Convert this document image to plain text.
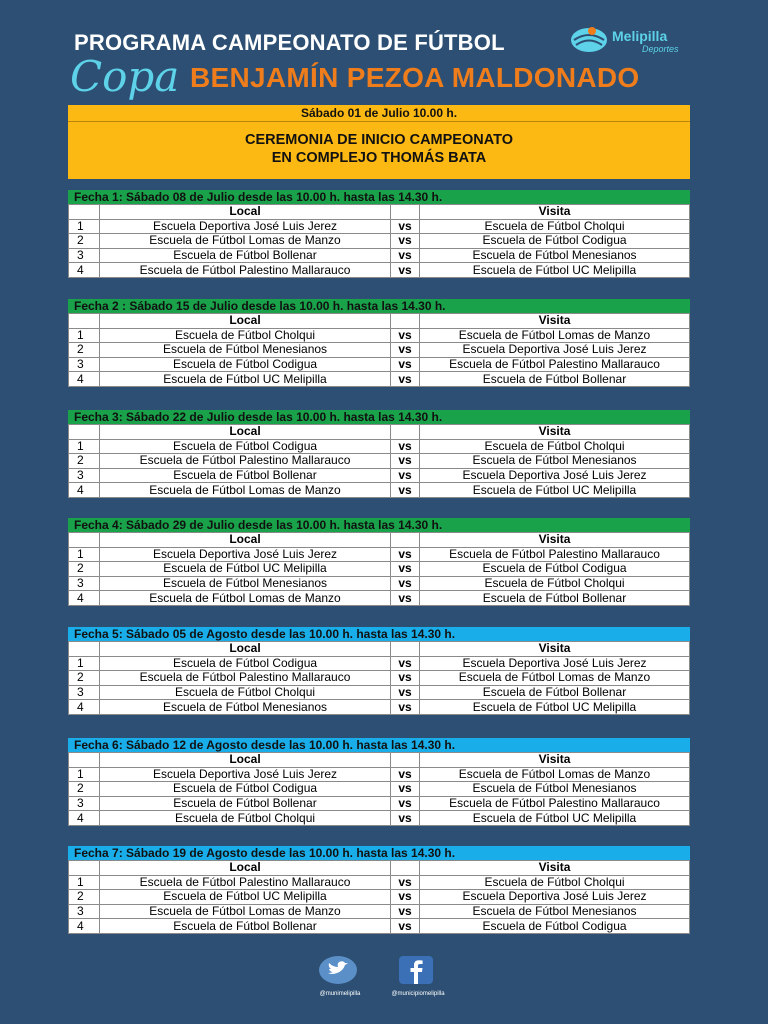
PROGRAMA CAMPEONATO DE FÚTBOL
Copa BENJAMÍN PEZOA MALDONADO
Melipilla
Deportes
Sábado 01 de Julio 10.00 h.
CEREMONIA DE INICIO CAMPEONATO
EN COMPLEJO THOMÁS BATA
Fecha 1: Sábado 08 de Julio desde las 10.00 h. hasta las 14.30 h.
	Local		Visita
1	Escuela Deportiva José Luis Jerez	vs	Escuela de Fútbol Cholqui
2	Escuela de Fútbol Lomas de Manzo	vs	Escuela de Fútbol Codigua
3	Escuela de Fútbol Bollenar	vs	Escuela de Fútbol Menesianos
4	Escuela de Fútbol Palestino Mallarauco	vs	Escuela de Fútbol UC Melipilla
Fecha 2 : Sábado 15 de Julio desde las 10.00 h. hasta las 14.30 h.
	Local		Visita
1	Escuela de Fútbol Cholqui	vs	Escuela de Fútbol Lomas de Manzo
2	Escuela de Fútbol Menesianos	vs	Escuela Deportiva José Luis Jerez
3	Escuela de Fútbol Codigua	vs	Escuela de Fútbol Palestino Mallarauco
4	Escuela de Fútbol UC Melipilla	vs	Escuela de Fútbol Bollenar
Fecha 3: Sábado 22 de Julio desde las 10.00 h. hasta las 14.30 h.
	Local		Visita
1	Escuela de Fútbol Codigua	vs	Escuela de Fútbol Cholqui
2	Escuela de Fútbol Palestino Mallarauco	vs	Escuela de Fútbol Menesianos
3	Escuela de Fútbol Bollenar	vs	Escuela Deportiva José Luis Jerez
4	Escuela de Fútbol Lomas de Manzo	vs	Escuela de Fútbol UC Melipilla
Fecha 4: Sábado 29 de Julio desde las 10.00 h. hasta las 14.30 h.
	Local		Visita
1	Escuela Deportiva José Luis Jerez	vs	Escuela de Fútbol Palestino Mallarauco
2	Escuela de Fútbol UC Melipilla	vs	Escuela de Fútbol Codigua
3	Escuela de Fútbol Menesianos	vs	Escuela de Fútbol Cholqui
4	Escuela de Fútbol Lomas de Manzo	vs	Escuela de Fútbol Bollenar
Fecha 5: Sábado 05 de Agosto desde las 10.00 h. hasta las 14.30 h.
	Local		Visita
1	Escuela de Fútbol Codigua	vs	Escuela Deportiva José Luis Jerez
2	Escuela de Fútbol Palestino Mallarauco	vs	Escuela de Fútbol Lomas de Manzo
3	Escuela de Fútbol Cholqui	vs	Escuela de Fútbol Bollenar
4	Escuela de Fútbol Menesianos	vs	Escuela de Fútbol UC Melipilla
Fecha 6: Sábado 12 de Agosto desde las 10.00 h. hasta las 14.30 h.
	Local		Visita
1	Escuela Deportiva José Luis Jerez	vs	Escuela de Fútbol Lomas de Manzo
2	Escuela de Fútbol Codigua	vs	Escuela de Fútbol Menesianos
3	Escuela de Fútbol Bollenar	vs	Escuela de Fútbol Palestino Mallarauco
4	Escuela de Fútbol Cholqui	vs	Escuela de Fútbol UC Melipilla
Fecha 7: Sábado 19 de Agosto desde las 10.00 h. hasta las 14.30 h.
	Local		Visita
1	Escuela de Fútbol Palestino Mallarauco	vs	Escuela de Fútbol Cholqui
2	Escuela de Fútbol UC Melipilla	vs	Escuela Deportiva José Luis Jerez
3	Escuela de Fútbol Lomas de Manzo	vs	Escuela de Fútbol Menesianos
4	Escuela de Fútbol Bollenar	vs	Escuela de Fútbol Codigua
@munimelipilla	@municipiomelipilla
